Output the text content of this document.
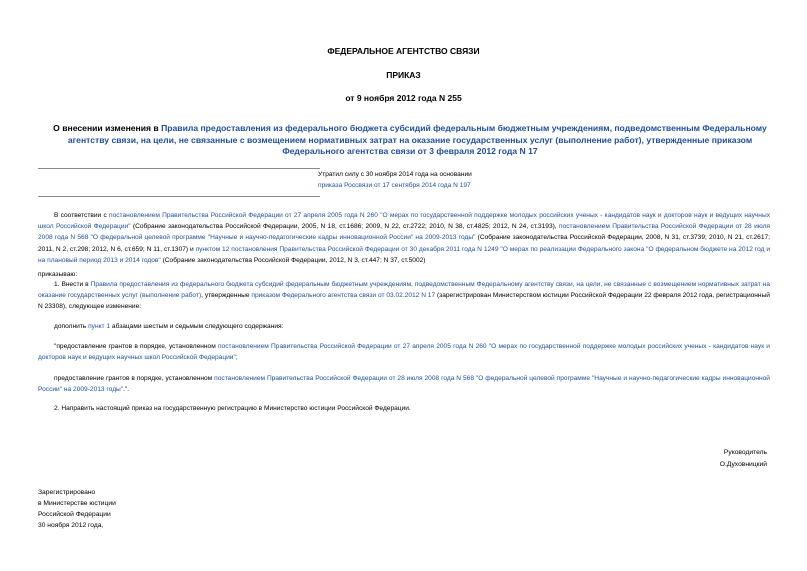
ФЕДЕРАЛЬНОЕ АГЕНТСТВО СВЯЗИ
ПРИКАЗ
от 9 ноября 2012 года N 255
О внесении изменения в Правила предоставления из федерального бюджета субсидий федеральным бюджетным учреждениям, подведомственным Федеральному агентству связи, на цели, не связанные с возмещением нормативных затрат на оказание государственных услуг (выполнение работ), утвержденные приказом Федерального агентства связи от 3 февраля 2012 года N 17
Утратил силу с 30 ноября 2014 года на основании
приказа Россвязи от 17 сентября 2014 года N 197
В соответствии с постановлением Правительства Российской Федерации от 27 апреля 2005 года N 260 "О мерах по государственной поддержке молодых российских ученых - кандидатов наук и докторов наук и ведущих научных школ Российской Федерации" (Собрание законодательства Российской Федерации, 2005, N 18, ст.1686; 2009, N 22, ст.2722; 2010, N 38, ст.4825; 2012, N 24, ст.3193), постановлением Правительства Российской Федерации от 28 июля 2008 года N 568 "О федеральной целевой программе "Научные и научно-педагогические кадры инновационной России" на 2009-2013 годы" (Собрание законодательства Российской Федерации, 2008, N 31, ст.3739; 2010, N 21, ст.2617; 2011, N 2, ст.298; 2012, N 6, ст.659; N 11, ст.1307) и пунктом 12 постановления Правительства Российской Федерации от 30 декабря 2011 года N 1249 "О мерах по реализации Федерального закона "О федеральном бюджете на 2012 год и на плановый период 2013 и 2014 годов" (Собрание законодательства Российской Федерации, 2012, N 3, ст.447; N 37, ст.5002)
приказываю:
1. Внести в Правила предоставления из федерального бюджета субсидий федеральным бюджетным учреждениям, подведомственным Федеральному агентству связи, на цели, не связанные с возмещением нормативных затрат на оказание государственных услуг (выполнение работ), утвержденные приказом Федерального агентства связи от 03.02.2012 N 17 (зарегистрирован Министерством юстиции Российской Федерации 22 февраля 2012 года, регистрационный N 23308), следующее изменение:
дополнить пункт 1 абзацами шестым и седьмым следующего содержания:
"предоставление грантов в порядке, установленном постановлением Правительства Российской Федерации от 27 апреля 2005 года N 260 "О мерах по государственной поддержке молодых российских ученых - кандидатов наук и докторов наук и ведущих научных школ Российской Федерации";
предоставление грантов в порядке, установленном постановлением Правительства Российской Федерации от 28 июля 2008 года N 568 "О федеральной целевой программе "Научные и научно-педагогические кадры инновационной России" на 2009-2013 годы".".
2. Направить настоящий приказ на государственную регистрацию в Министерство юстиции Российской Федерации.
Руководитель
О.Духовницкий
Зарегистрировано
в Министерстве юстиции
Российской Федерации
30 ноября 2012 года,
